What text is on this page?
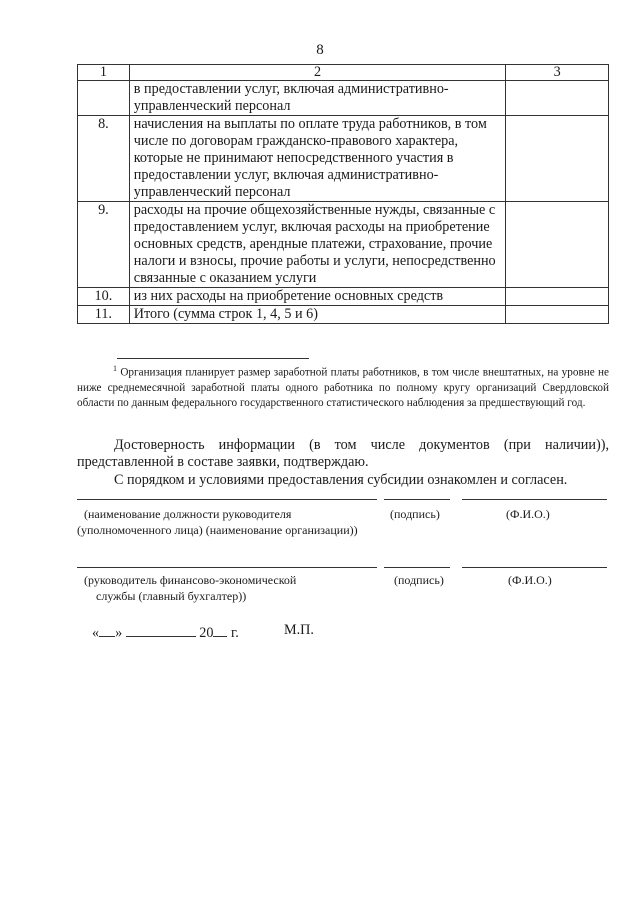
8
1	2	3
	в предоставлении услуг, включая административно-управленческий персонал	
8.	начисления на выплаты по оплате труда работников, в том числе по договорам гражданско-правового характера, которые не принимают непосредственного участия в предоставлении услуг, включая административно-управленческий персонал	
9.	расходы на прочие общехозяйственные нужды, связанные с предоставлением услуг, включая расходы на приобретение основных средств, арендные платежи, страхование, прочие налоги и взносы, прочие работы и услуги, непосредственно связанные с оказанием услуги	
10.	из них расходы на приобретение основных средств	
11.	Итого (сумма строк 1, 4, 5 и 6)	
$^1$ Организация планирует размер заработной платы работников, в том числе внештатных, на уровне не ниже среднемесячной заработной платы одного работника по полному кругу организаций Свердловской области по данным федерального государственного статистического наблюдения за предшествующий год.
Достоверность информации (в том числе документов (при наличии)), представленной в составе заявки, подтверждаю.
С порядком и условиями предоставления субсидии ознакомлен и согласен.
(наименование должности руководителя
(уполномоченного лица) (наименование организации))
(подпись)	(Ф.И.О.)
(руководитель финансово-экономической
службы (главный бухгалтер))
(подпись)	(Ф.И.О.)
« »	20 г.	М.П.
